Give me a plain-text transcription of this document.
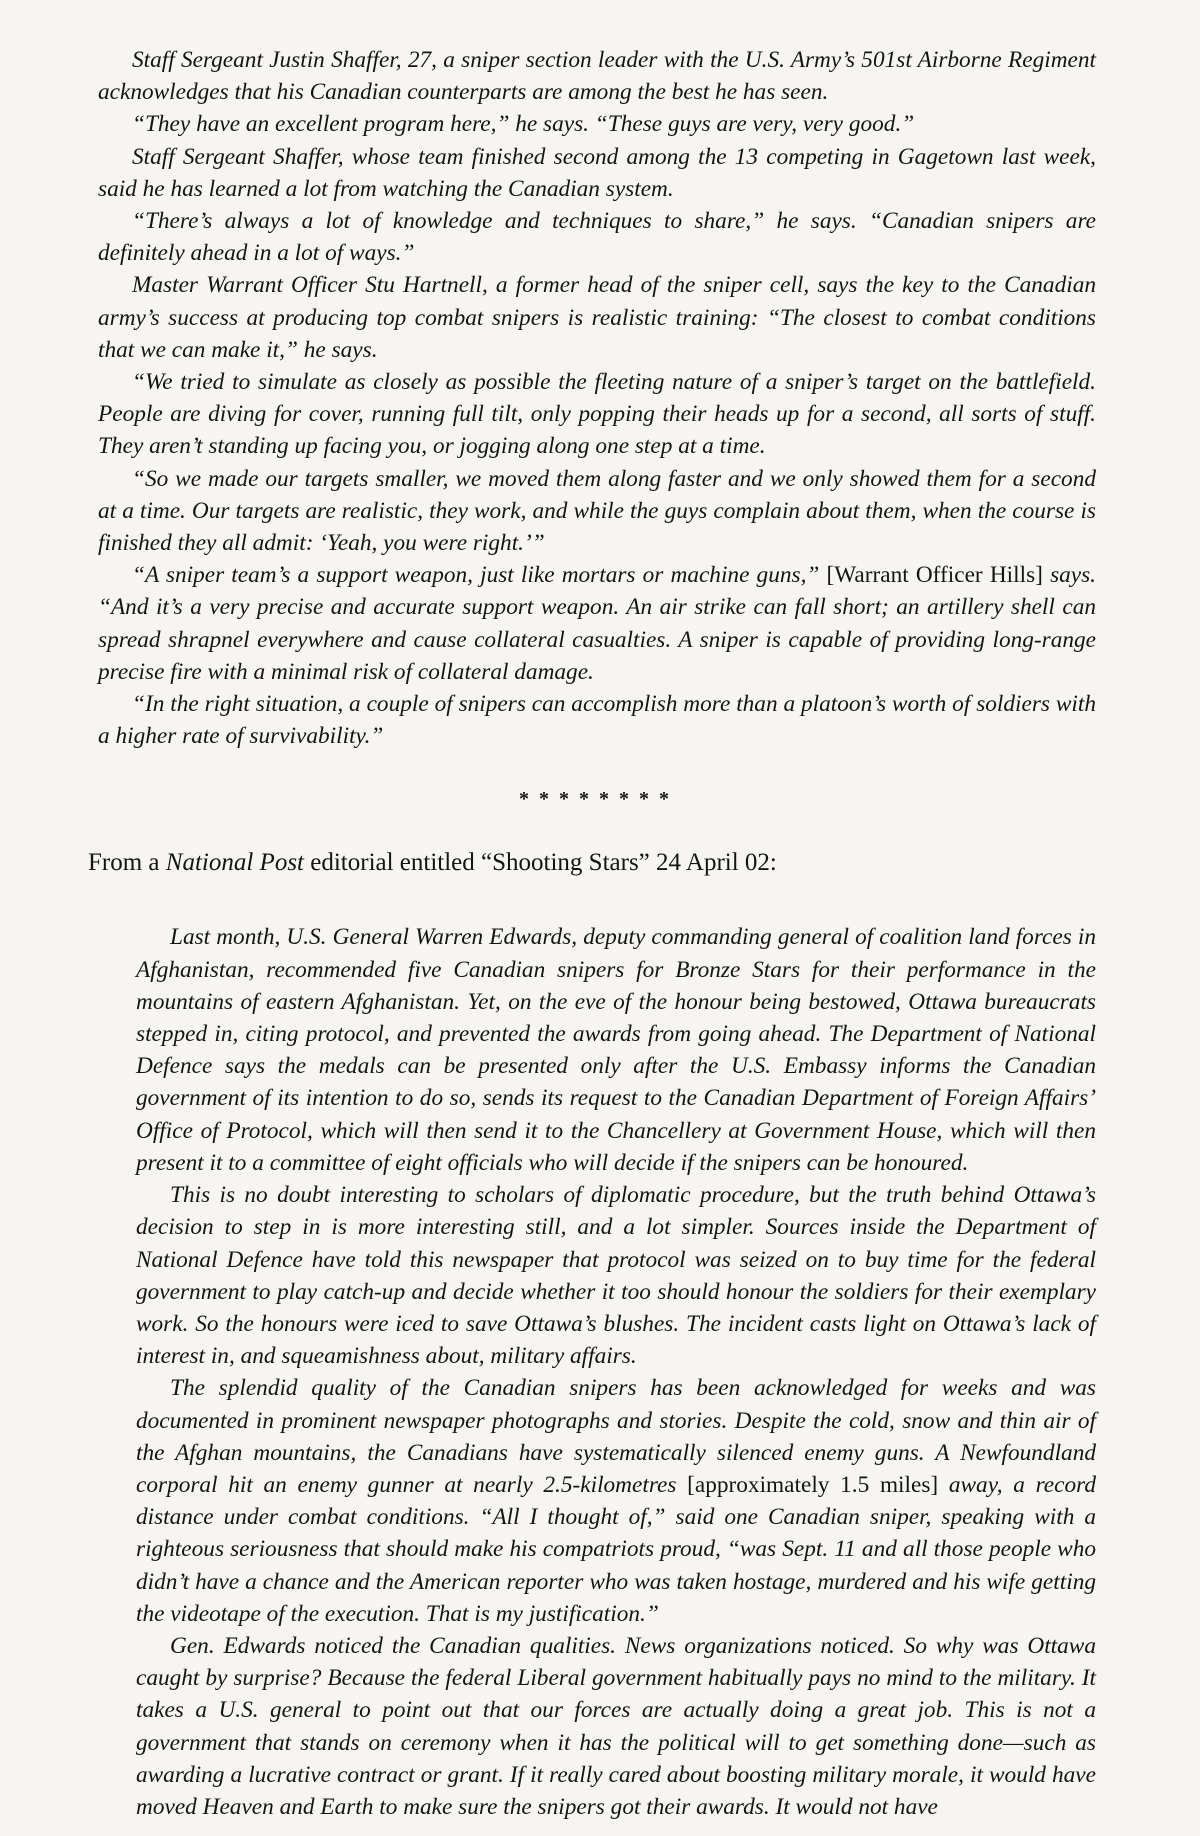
Staff Sergeant Justin Shaffer, 27, a sniper section leader with the U.S. Army’s 501st Airborne Regiment acknowledges that his Canadian counterparts are among the best he has seen.

“They have an excellent program here,” he says. “These guys are very, very good.”

Staff Sergeant Shaffer, whose team finished second among the 13 competing in Gagetown last week, said he has learned a lot from watching the Canadian system.

“There’s always a lot of knowledge and techniques to share,” he says. “Canadian snipers are definitely ahead in a lot of ways.”

Master Warrant Officer Stu Hartnell, a former head of the sniper cell, says the key to the Canadian army’s success at producing top combat snipers is realistic training: “The closest to combat conditions that we can make it,” he says.

“We tried to simulate as closely as possible the fleeting nature of a sniper’s target on the battlefield. People are diving for cover, running full tilt, only popping their heads up for a second, all sorts of stuff. They aren’t standing up facing you, or jogging along one step at a time.

“So we made our targets smaller, we moved them along faster and we only showed them for a second at a time. Our targets are realistic, they work, and while the guys complain about them, when the course is finished they all admit: ‘Yeah, you were right.’”

“A sniper team’s a support weapon, just like mortars or machine guns,” [Warrant Officer Hills] says. “And it’s a very precise and accurate support weapon. An air strike can fall short; an artillery shell can spread shrapnel everywhere and cause collateral casualties. A sniper is capable of providing long-range precise fire with a minimal risk of collateral damage.

“In the right situation, a couple of snipers can accomplish more than a platoon’s worth of soldiers with a higher rate of survivability.”

********
From a National Post editorial entitled “Shooting Stars” 24 April 02:

Last month, U.S. General Warren Edwards, deputy commanding general of coalition land forces in Afghanistan, recommended five Canadian snipers for Bronze Stars for their performance in the mountains of eastern Afghanistan. Yet, on the eve of the honour being bestowed, Ottawa bureaucrats stepped in, citing protocol, and prevented the awards from going ahead. The Department of National Defence says the medals can be presented only after the U.S. Embassy informs the Canadian government of its intention to do so, sends its request to the Canadian Department of Foreign Affairs’ Office of Protocol, which will then send it to the Chancellery at Government House, which will then present it to a committee of eight officials who will decide if the snipers can be honoured.

This is no doubt interesting to scholars of diplomatic procedure, but the truth behind Ottawa’s decision to step in is more interesting still, and a lot simpler. Sources inside the Department of National Defence have told this newspaper that protocol was seized on to buy time for the federal government to play catch-up and decide whether it too should honour the soldiers for their exemplary work. So the honours were iced to save Ottawa’s blushes. The incident casts light on Ottawa’s lack of interest in, and squeamishness about, military affairs.

The splendid quality of the Canadian snipers has been acknowledged for weeks and was documented in prominent newspaper photographs and stories. Despite the cold, snow and thin air of the Afghan mountains, the Canadians have systematically silenced enemy guns. A Newfoundland corporal hit an enemy gunner at nearly 2.5-kilometres [approximately 1.5 miles] away, a record distance under combat conditions. “All I thought of,” said one Canadian sniper, speaking with a righteous seriousness that should make his compatriots proud, “was Sept. 11 and all those people who didn’t have a chance and the American reporter who was taken hostage, murdered and his wife getting the videotape of the execution. That is my justification.”

Gen. Edwards noticed the Canadian qualities. News organizations noticed. So why was Ottawa caught by surprise? Because the federal Liberal government habitually pays no mind to the military. It takes a U.S. general to point out that our forces are actually doing a great job. This is not a government that stands on ceremony when it has the political will to get something done—such as awarding a lucrative contract or grant. If it really cared about boosting military morale, it would have moved Heaven and Earth to make sure the snipers got their awards. It would not have
